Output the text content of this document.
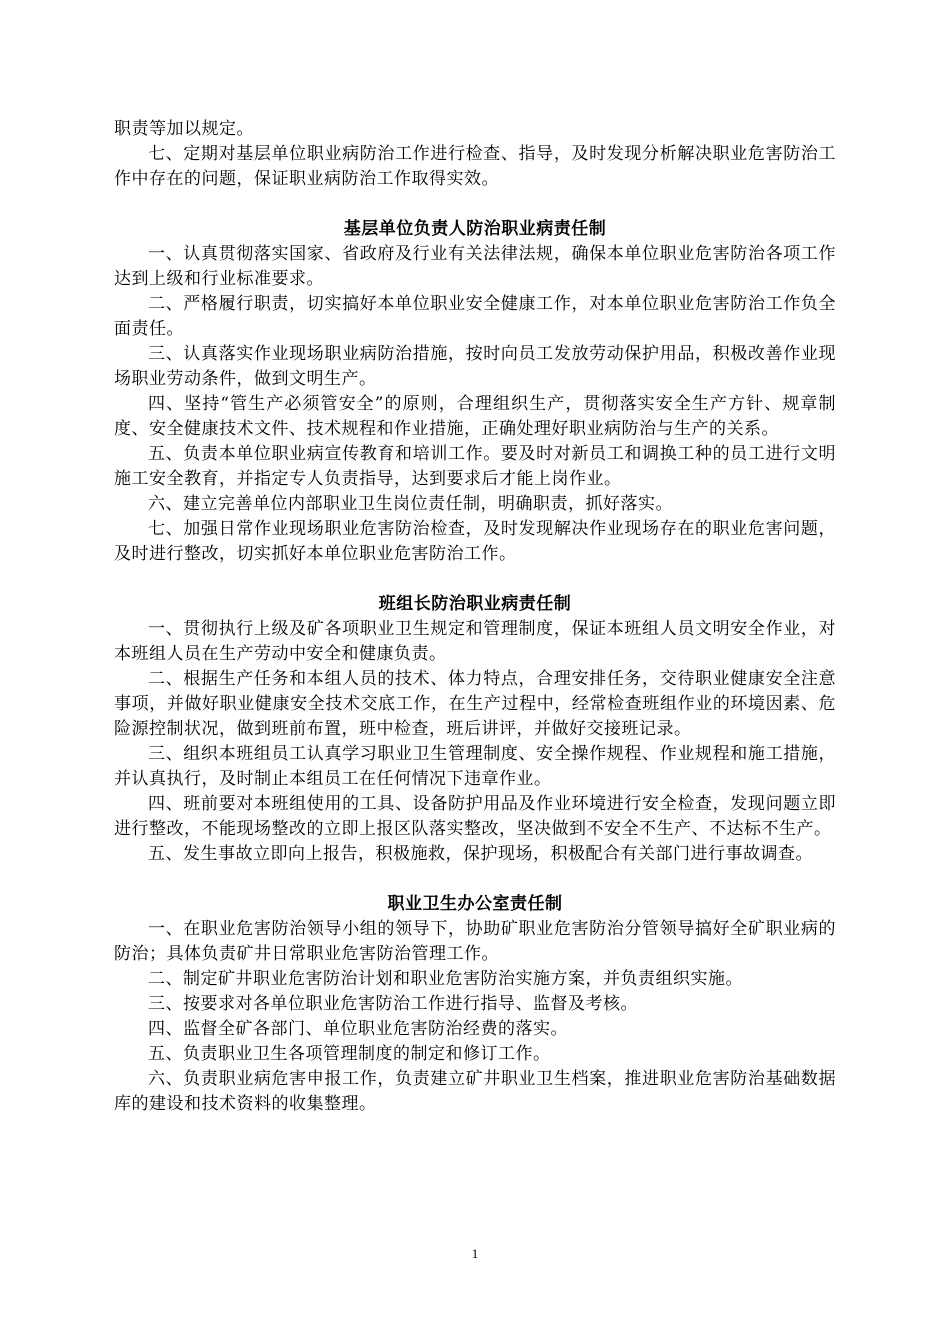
职责等加以规定。

七、定期对基层单位职业病防治工作进行检查、指导，及时发现分析解决职业危害防治工作中存在的问题，保证职业病防治工作取得实效。

基层单位负责人防治职业病责任制

一、认真贯彻落实国家、省政府及行业有关法律法规，确保本单位职业危害防治各项工作达到上级和行业标准要求。

二、严格履行职责，切实搞好本单位职业安全健康工作，对本单位职业危害防治工作负全面责任。

三、认真落实作业现场职业病防治措施，按时向员工发放劳动保护用品，积极改善作业现场职业劳动条件，做到文明生产。

四、坚持“管生产必须管安全”的原则，合理组织生产，贯彻落实安全生产方针、规章制度、安全健康技术文件、技术规程和作业措施，正确处理好职业病防治与生产的关系。

五、负责本单位职业病宣传教育和培训工作。要及时对新员工和调换工种的员工进行文明施工安全教育，并指定专人负责指导，达到要求后才能上岗作业。

六、建立完善单位内部职业卫生岗位责任制，明确职责，抓好落实。

七、加强日常作业现场职业危害防治检查，及时发现解决作业现场存在的职业危害问题，及时进行整改，切实抓好本单位职业危害防治工作。

班组长防治职业病责任制

一、贯彻执行上级及矿各项职业卫生规定和管理制度，保证本班组人员文明安全作业，对本班组人员在生产劳动中安全和健康负责。

二、根据生产任务和本组人员的技术、体力特点，合理安排任务，交待职业健康安全注意事项，并做好职业健康安全技术交底工作，在生产过程中，经常检查班组作业的环境因素、危险源控制状况，做到班前布置，班中检查，班后讲评，并做好交接班记录。

三、组织本班组员工认真学习职业卫生管理制度、安全操作规程、作业规程和施工措施，并认真执行，及时制止本组员工在任何情况下违章作业。

四、班前要对本班组使用的工具、设备防护用品及作业环境进行安全检查，发现问题立即进行整改，不能现场整改的立即上报区队落实整改，坚决做到不安全不生产、不达标不生产。

五、发生事故立即向上报告，积极施救，保护现场，积极配合有关部门进行事故调查。

职业卫生办公室责任制

一、在职业危害防治领导小组的领导下，协助矿职业危害防治分管领导搞好全矿职业病的防治；具体负责矿井日常职业危害防治管理工作。

二、制定矿井职业危害防治计划和职业危害防治实施方案，并负责组织实施。

三、按要求对各单位职业危害防治工作进行指导、监督及考核。

四、监督全矿各部门、单位职业危害防治经费的落实。

五、负责职业卫生各项管理制度的制定和修订工作。

六、负责职业病危害申报工作，负责建立矿井职业卫生档案，推进职业危害防治基础数据库的建设和技术资料的收集整理。

1
